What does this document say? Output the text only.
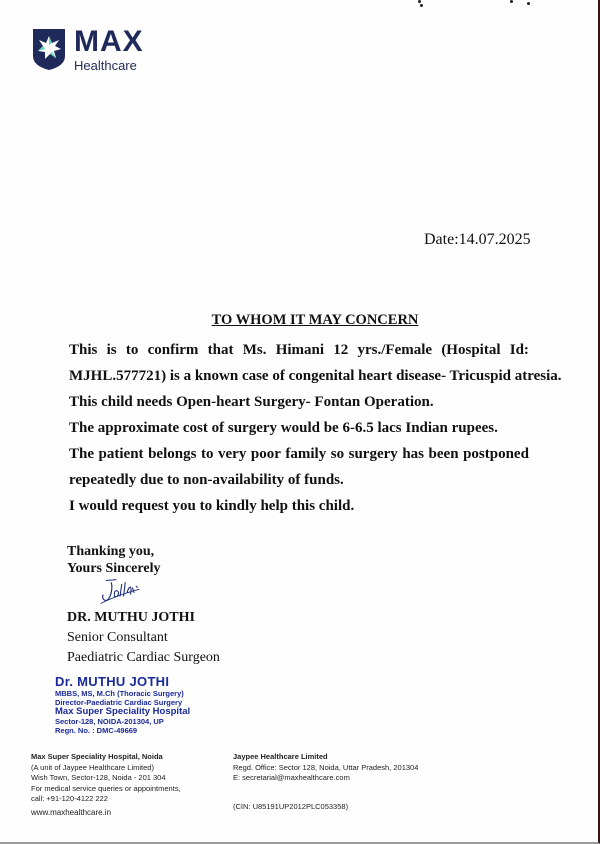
MAX
Healthcare
Date:14.07.2025
TO WHOM IT MAY CONCERN
This is to confirm that Ms. Himani 12 yrs./Female (Hospital Id:
MJHL.577721) is a known case of congenital heart disease- Tricuspid atresia.
This child needs Open-heart Surgery- Fontan Operation.
The approximate cost of surgery would be 6-6.5 lacs Indian rupees.
The patient belongs to very poor family so surgery has been postponed
repeatedly due to non-availability of funds.
I would request you to kindly help this child.
Thanking you,
Yours Sincerely
DR. MUTHU JOTHI
Senior Consultant
Paediatric Cardiac Surgeon
Dr. MUTHU JOTHI
MBBS, MS, M.Ch (Thoracic Surgery)
Director-Paediatric Cardiac Surgery
Max Super Speciality Hospital
Sector-128, NOIDA-201304, UP
Regn. No. : DMC-49669
Max Super Speciality Hospital, Noida
(A unit of Jaypee Healthcare Limited)
Wish Town, Sector-128, Noida - 201 304
For medical service queries or appointments,
call: +91-120-4122 222
www.maxhealthcare.in
Jaypee Healthcare Limited
Regd. Office: Sector 128, Noida, Uttar Pradesh, 201304
E: secretarial@maxhealthcare.com
(CIN: U85191UP2012PLC053358)
